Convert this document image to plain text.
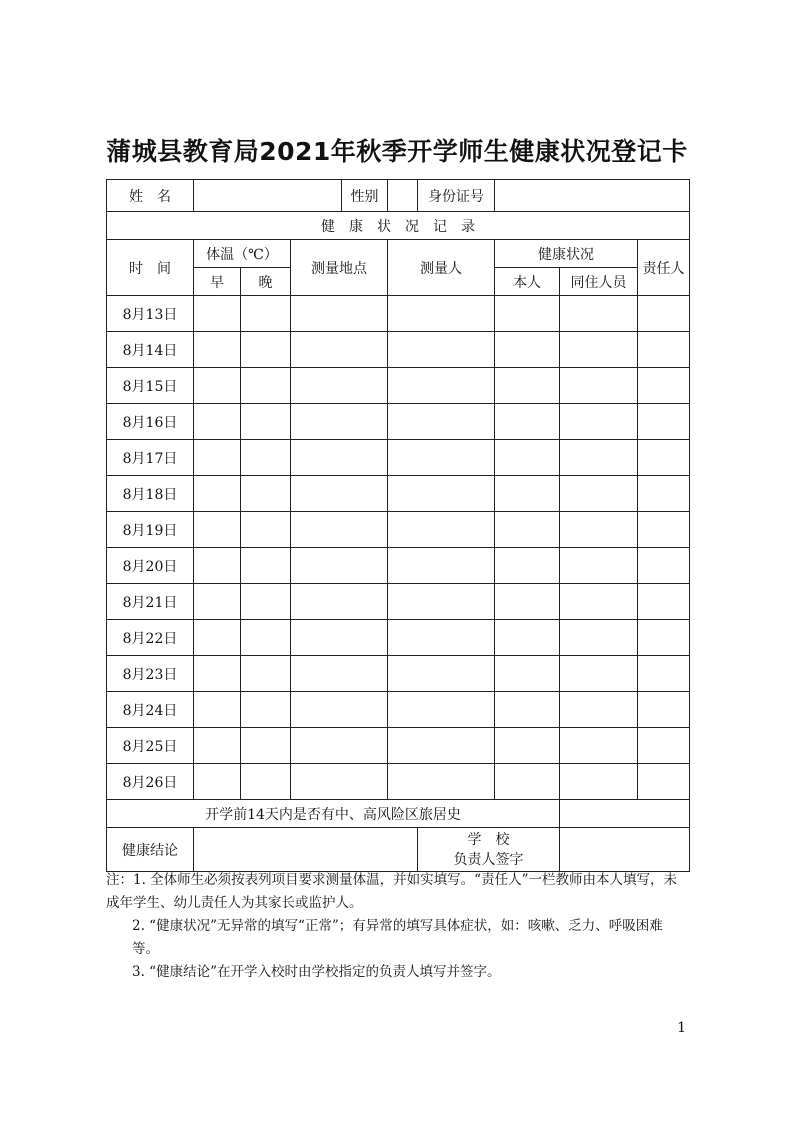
蒲城县教育局2021年秋季开学师生健康状况登记卡
姓　名				性别		身份证号			
健　康　状　况　记　录									
时　间	体温（℃）		测量地点		测量人		健康状况		责任人
	早	晚					本人	同住人员	
8月13日									
8月14日									
8月15日									
8月16日									
8月17日									
8月18日									
8月19日									
8月20日									
8月21日									
8月22日									
8月23日									
8月24日									
8月25日									
8月26日									
开学前14天内是否有中、高风险区旅居史									
健康结论						学　校
负责人签字			

注：1. 全体师生必须按表列项目要求测量体温，并如实填写。“责任人”一栏教师由本人填写，未成年学生、幼儿责任人为其家长或监护人。

2. “健康状况”无异常的填写“正常”；有异常的填写具体症状，如：咳嗽、乏力、呼吸困难等。

3. “健康结论”在开学入校时由学校指定的负责人填写并签字。

1
